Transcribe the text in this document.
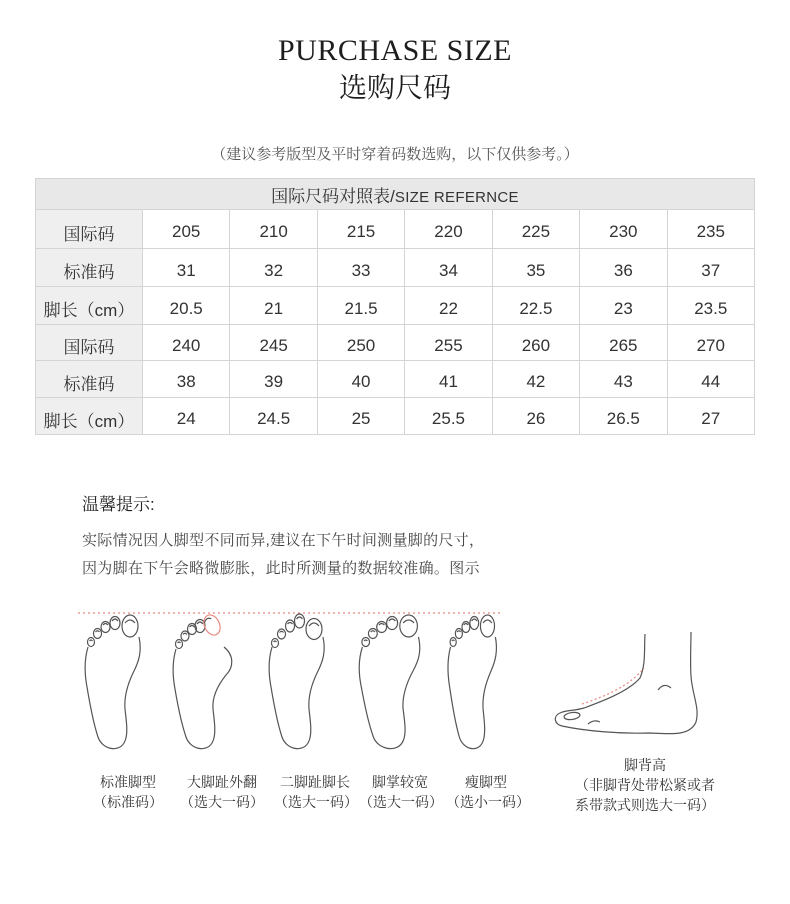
PURCHASE SIZE
选购尺码
（建议参考版型及平时穿着码数选购，以下仅供参考。）
国际尺码对照表/SIZE REFERNCE							
国际码	205	210	215	220	225	230	235
标准码	31	32	33	34	35	36	37
脚长（cm）	20.5	21	21.5	22	22.5	23	23.5
国际码	240	245	250	255	260	265	270
标准码	38	39	40	41	42	43	44
脚长（cm）	24	24.5	25	25.5	26	26.5	27
温馨提示:
实际情况因人脚型不同而异,建议在下午时间测量脚的尺寸，
因为脚在下午会略微膨胀，此时所测量的数据较准确。图示
标准脚型	大脚趾外翻	二脚趾脚长	脚掌较宽	瘦脚型
（标准码）	（选大一码） （选大一码） （选大一码） （选小一码）
脚背高
（非脚背处带松紧或者
系带款式则选大一码）
